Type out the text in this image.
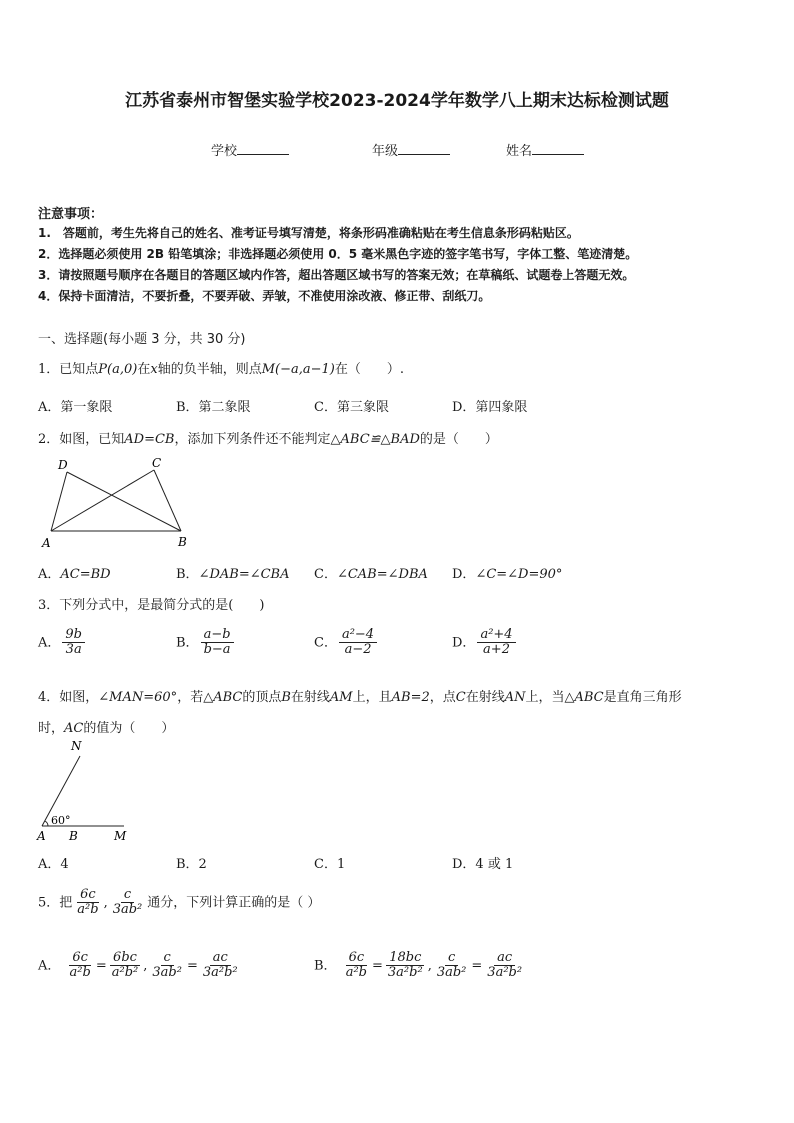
江苏省泰州市智堡实验学校2023-2024学年数学八上期末达标检测试题
学校	年级	姓名
注意事项：
1.　答题前，考生先将自己的姓名、准考证号填写清楚，将条形码准确粘贴在考生信息条形码粘贴区。
2．选择题必须使用 2B 铅笔填涂；非选择题必须使用 0．5 毫米黑色字迹的签字笔书写，字体工整、笔迹清楚。
3．请按照题号顺序在各题目的答题区域内作答，超出答题区域书写的答案无效；在草稿纸、试题卷上答题无效。
4．保持卡面清洁，不要折叠，不要弄破、弄皱，不准使用涂改液、修正带、刮纸刀。
一、选择题(每小题 3 分，共 30 分)
1．已知点P(a,0)在x轴的负半轴，则点M(−a,a−1)在（　　）.
A．第一象限	B．第二象限	C．第三象限	D．第四象限
2．如图，已知AD=CB，添加下列条件还不能判定△ABC≌△BAD的是（　　）
D	C
A	B
A．AC=BD	B．∠DAB=∠CBA C．∠CAB=∠DBA D．∠C=∠D=90°
3．下列分式中，是最简分式的是(　　)
A． $\frac{9b}{3a}$	B． $\frac{a-b}{b-a}$	C． $\frac{\text{a²−4}}{a-2}$	D． $\frac{\text{a²+4}}{a+2}$
4．如图，∠MAN=60°，若△ABC的顶点B在射线AM上，且AB=2，点C在射线AN上，当△ABC是直角三角形
时，AC的值为（　　）
N
60°
A B	M
A．4	B．2	C．1	D．4 或 1
5．把 $\frac{6c}{\text{a²b}}$ , $\frac{c}{\text{3ab²}}$ 通分，下列计算正确的是（ ）
A． $\frac{6c}{\text{a²b}} = \frac{6bc}{\text{a²b²}}$ , $\frac{c}{\text{3ab²}} = \frac{ac}{\text{3a²b²}}$	B． $\frac{6c}{\text{a²b}} = \frac{18bc}{\text{3a²b²}}$ , $\frac{c}{\text{3ab²}} = \frac{ac}{\text{3a²b²}}$
